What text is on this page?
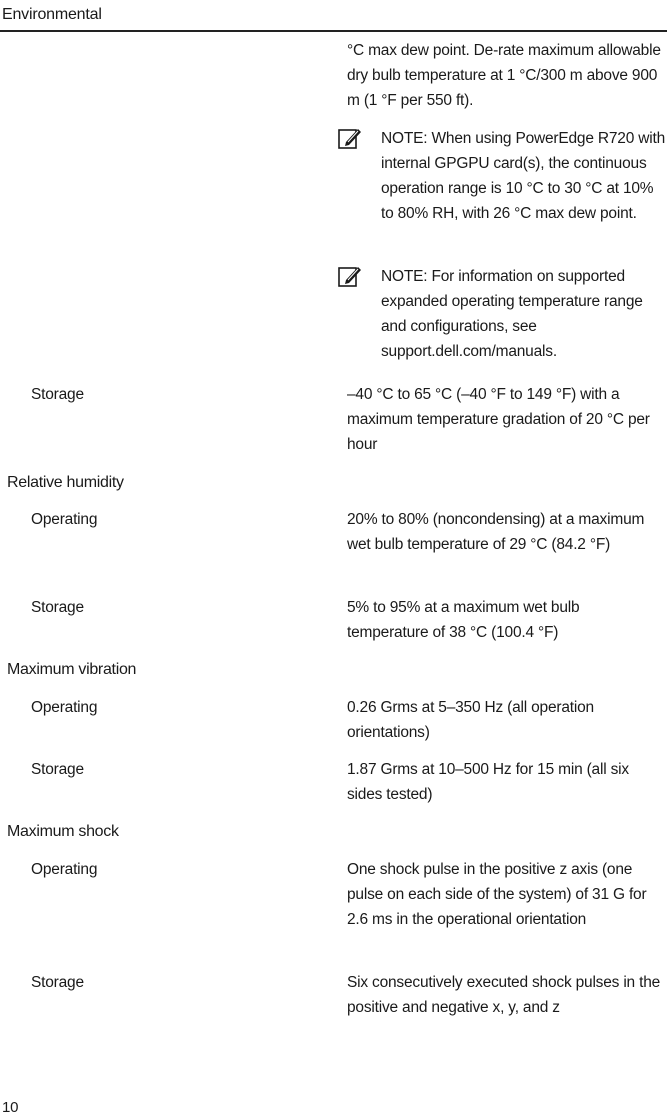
Environmental
°C max dew point. De-rate maximum allowable dry bulb temperature at 1 °C/300 m above 900 m (1 °F per 550 ft).
NOTE: When using PowerEdge R720 with internal GPGPU card(s), the continuous operation range is 10 °C to 30 °C at 10% to 80% RH, with 26 °C max dew point.
NOTE: For information on supported expanded operating temperature range and configurations, see support.dell.com/manuals.
Storage	–40 °C to 65 °C (–40 °F to 149 °F) with a maximum temperature gradation of 20 °C per hour
Relative humidity
Operating	20% to 80% (noncondensing) at a maximum wet bulb temperature of 29 °C (84.2 °F)
Storage	5% to 95% at a maximum wet bulb temperature of 38 °C (100.4 °F)
Maximum vibration
Operating	0.26 Grms at 5–350 Hz (all operation orientations)
Storage	1.87 Grms at 10–500 Hz for 15 min (all six sides tested)
Maximum shock
Operating	One shock pulse in the positive z axis (one pulse on each side of the system) of 31 G for 2.6 ms in the operational orientation
Storage	Six consecutively executed shock pulses in the positive and negative x, y, and z
10
